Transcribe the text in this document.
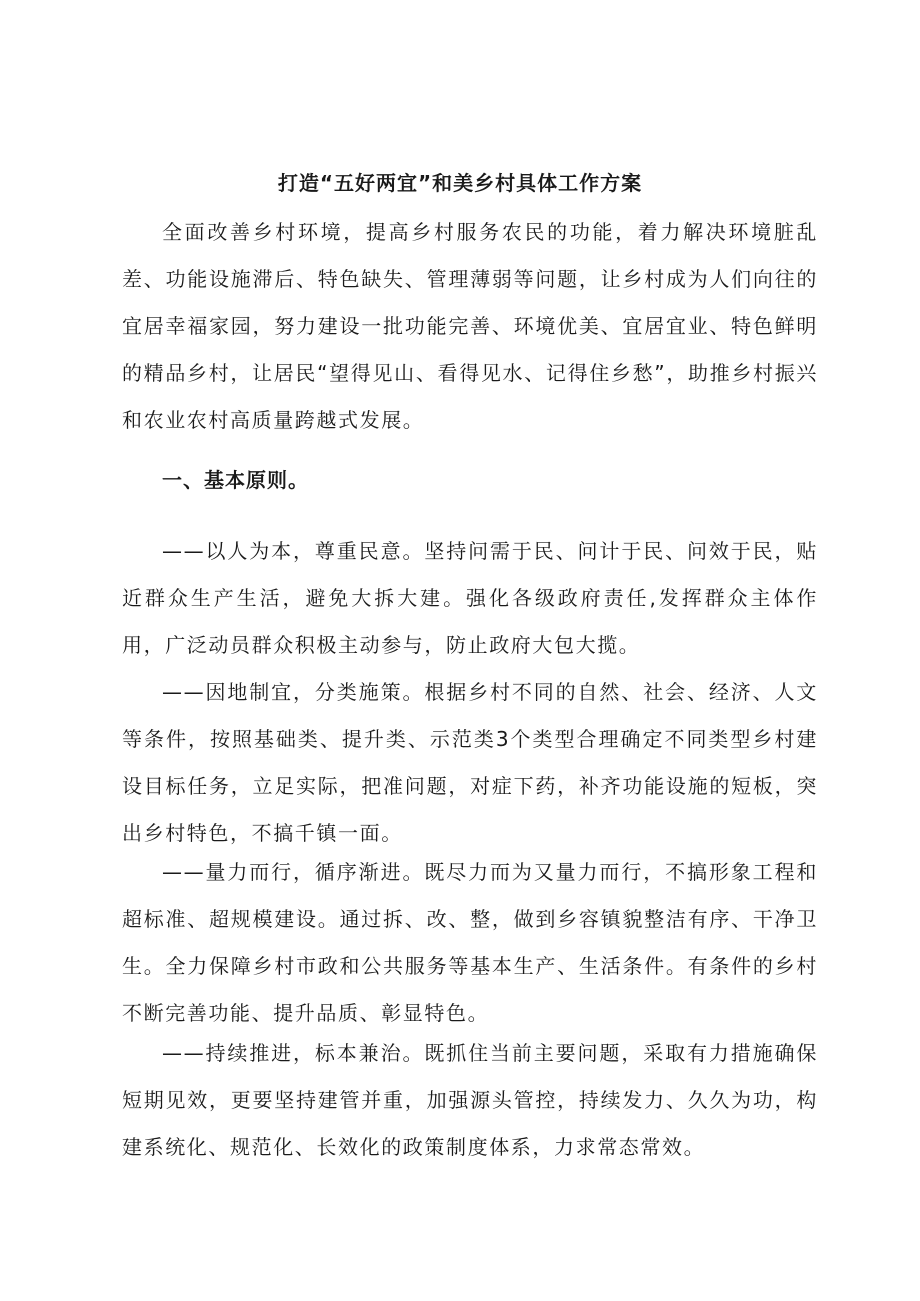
打造“五好两宜”和美乡村具体工作方案

全面改善乡村环境，提高乡村服务农民的功能，着力解决环境脏乱差、功能设施滞后、特色缺失、管理薄弱等问题，让乡村成为人们向往的宜居幸福家园，努力建设一批功能完善、环境优美、宜居宜业、特色鲜明的精品乡村，让居民“望得见山、看得见水、记得住乡愁”，助推乡村振兴和农业农村高质量跨越式发展。

一、基本原则。

——以人为本，尊重民意。坚持问需于民、问计于民、问效于民，贴近群众生产生活，避免大拆大建。强化各级政府责任,发挥群众主体作用，广泛动员群众积极主动参与，防止政府大包大揽。

——因地制宜，分类施策。根据乡村不同的自然、社会、经济、人文等条件，按照基础类、提升类、示范类3个类型合理确定不同类型乡村建设目标任务，立足实际，把准问题，对症下药，补齐功能设施的短板，突出乡村特色，不搞千镇一面。

——量力而行，循序渐进。既尽力而为又量力而行，不搞形象工程和超标准、超规模建设。通过拆、改、整，做到乡容镇貌整洁有序、干净卫生。全力保障乡村市政和公共服务等基本生产、生活条件。有条件的乡村不断完善功能、提升品质、彰显特色。

——持续推进，标本兼治。既抓住当前主要问题，采取有力措施确保短期见效，更要坚持建管并重，加强源头管控，持续发力、久久为功，构建系统化、规范化、长效化的政策制度体系，力求常态常效。
